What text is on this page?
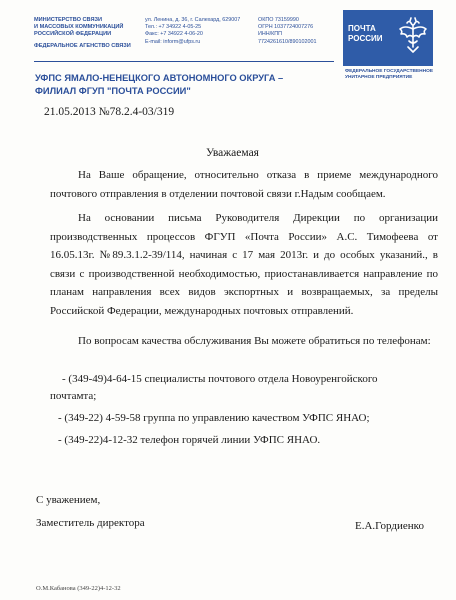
МИНИСТЕРСТВО СВЯЗИ
И МАССОВЫХ КОММУНИКАЦИЙ
РОССИЙСКОЙ ФЕДЕРАЦИИ
ФЕДЕРАЛЬНОЕ АГЕНСТВО СВЯЗИ
ул. Ленина, д. 36, г. Салехард, 629007
Тел.: +7 34922 4-05-25
Факс: +7 34922 4-06-20
E-mail: inform@ufps.ru
ОКПО 73159990
ОГРН 1037724007276
ИНН/КПП
7724261610/890102001
ПОЧТА
РОССИИ
ФЕДЕРАЛЬНОЕ ГОСУДАРСТВЕННОЕ
УНИТАРНОЕ ПРЕДПРИЯТИЕ
УФПС ЯМАЛО-НЕНЕЦКОГО АВТОНОМНОГО ОКРУГА –
ФИЛИАЛ ФГУП "ПОЧТА РОССИИ"
21.05.2013 №78.2.4-03/319
Уважаемая

На Ваше обращение, относительно отказа в приеме международного почтового отправления в отделении почтовой связи г.Надым сообщаем.

На основании письма Руководителя Дирекции по организации производственных процессов ФГУП «Почта России» А.С. Тимофеева от 16.05.13г. №89.3.1.2-39/114, начиная с 17 мая 2013г. и до особых указаний., в связи с производственной необходимостью, приостанавливается направление по планам направления всех видов экспортных и возвращаемых, за пределы Российской Федерации, международных почтовых отправлений.

По вопросам качества обслуживания Вы можете обратиться по телефонам:

- (349-49)4-64-15 специалисты почтового отдела Новоуренгойского
почтамта;
- (349-22) 4-59-58 группа по управлению качеством УФПС ЯНАО;
- (349-22)4-12-32 телефон горячей линии УФПС ЯНАО.
С уважением,
Заместитель директора	Е.А.Гордиенко
О.М.Кабанова (349-22)4-12-32
